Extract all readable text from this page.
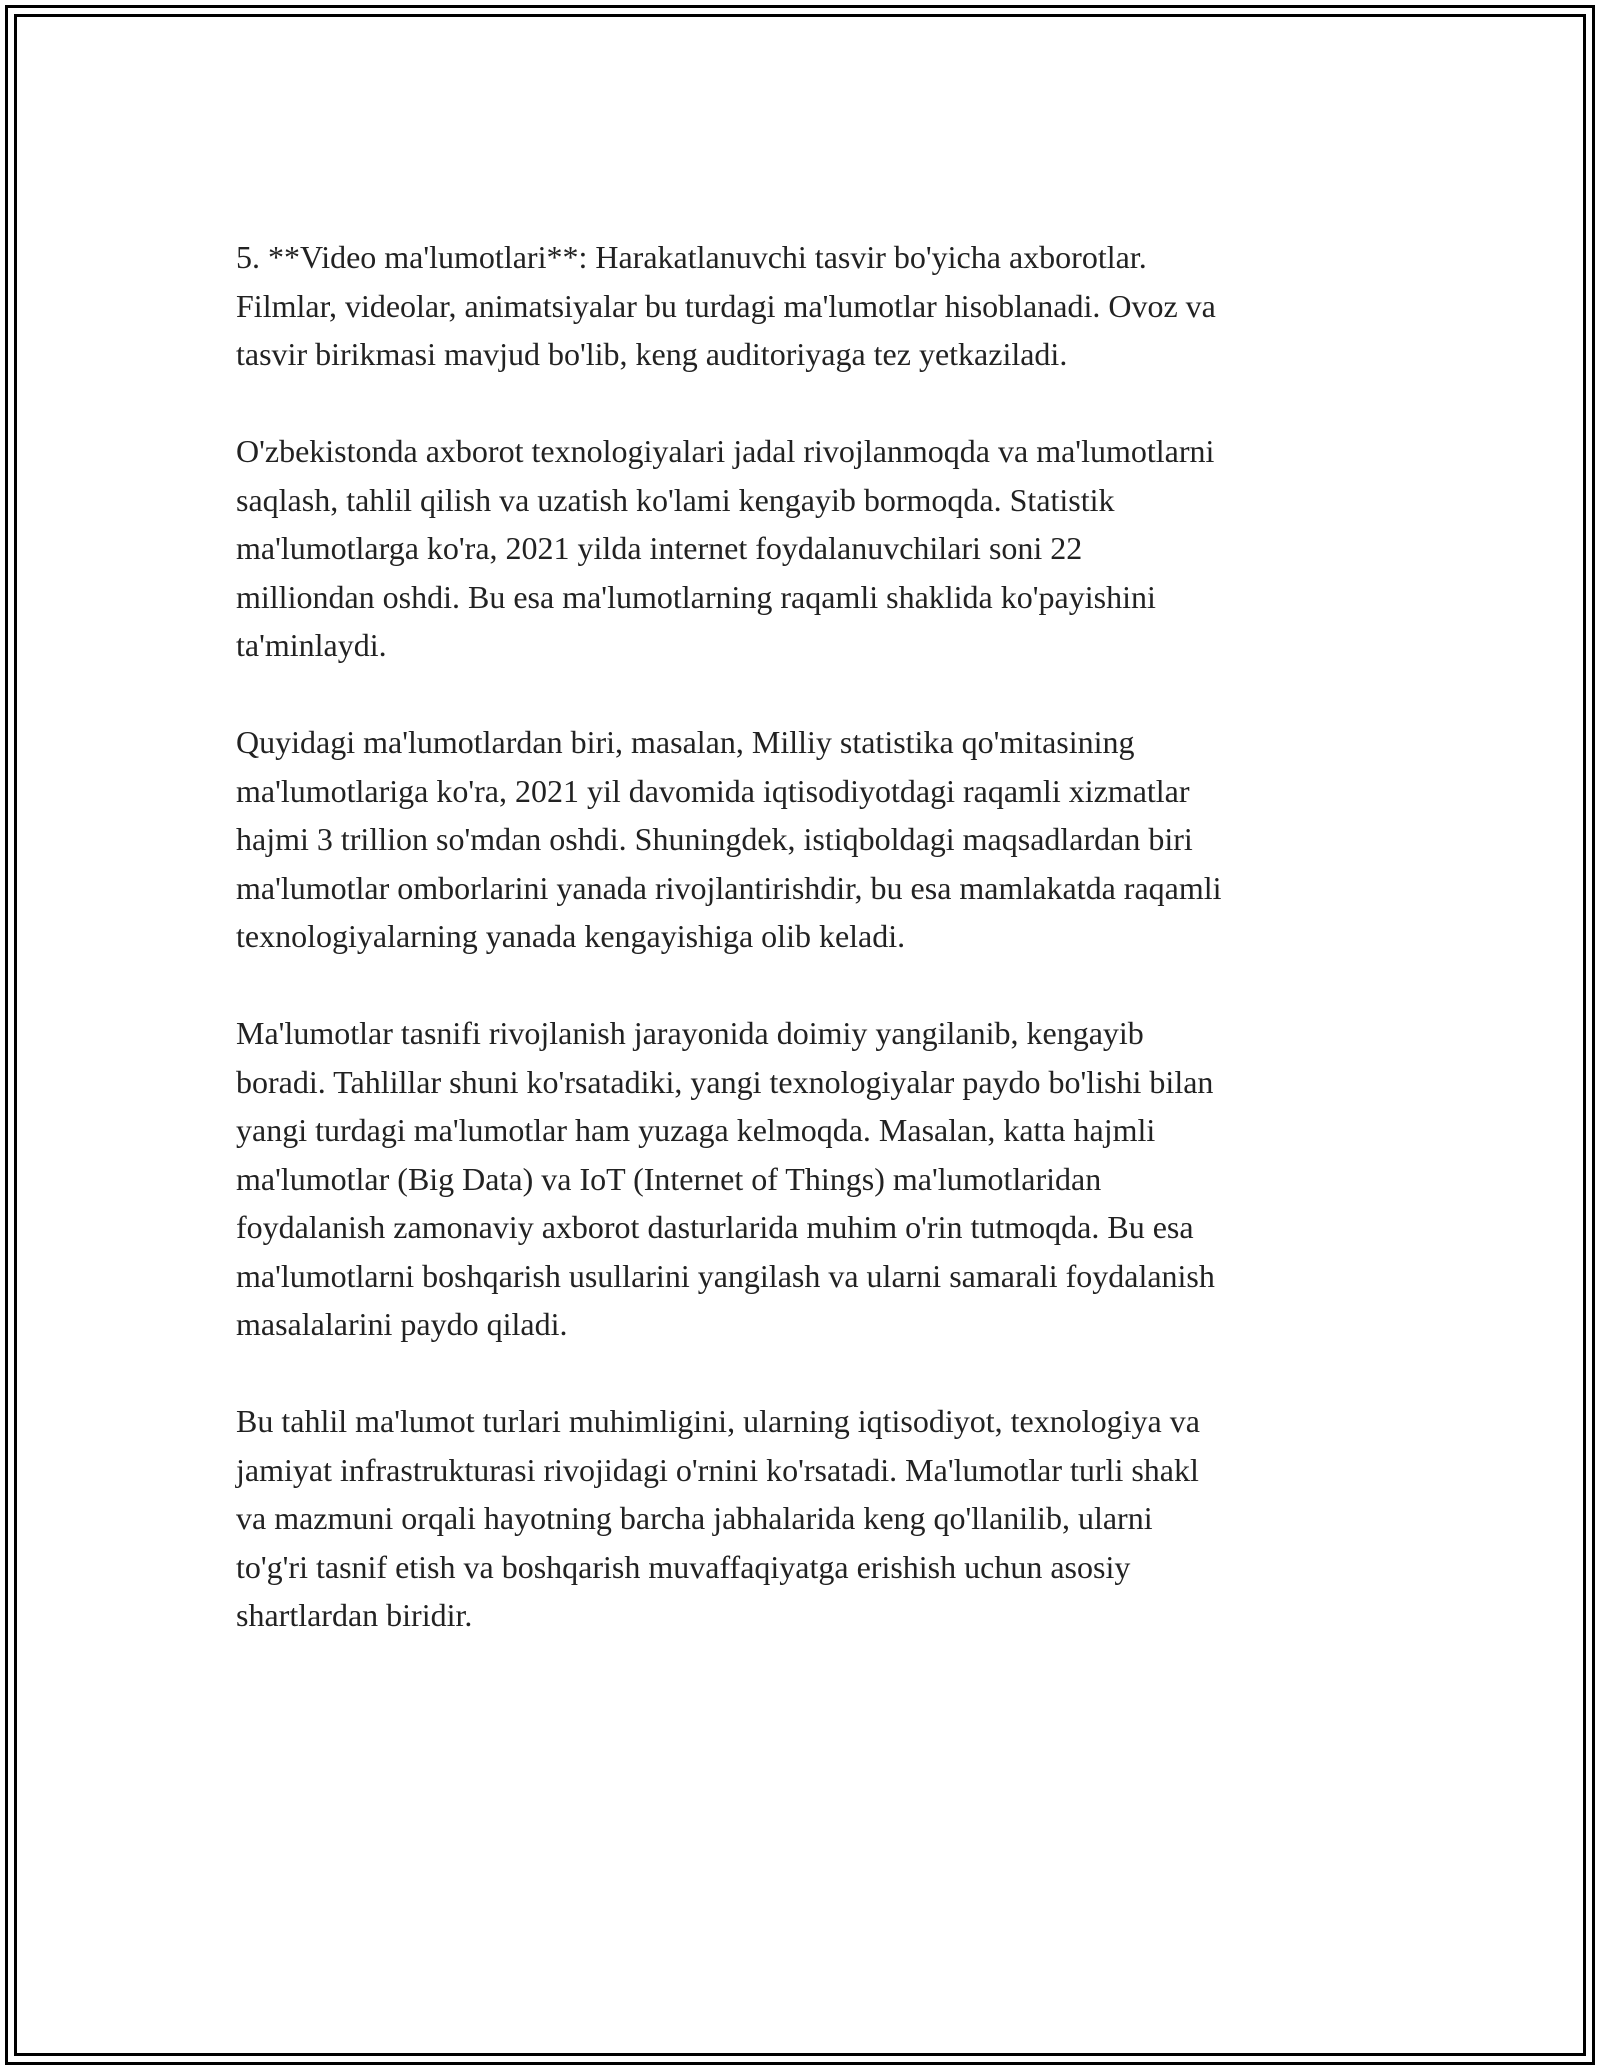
5. **Video ma'lumotlari**: Harakatlanuvchi tasvir bo'yicha axborotlar.
Filmlar, videolar, animatsiyalar bu turdagi ma'lumotlar hisoblanadi. Ovoz va
tasvir birikmasi mavjud bo'lib, keng auditoriyaga tez yetkaziladi.

O'zbekistonda axborot texnologiyalari jadal rivojlanmoqda va ma'lumotlarni
saqlash, tahlil qilish va uzatish ko'lami kengayib bormoqda. Statistik
ma'lumotlarga ko'ra, 2021 yilda internet foydalanuvchilari soni 22
milliondan oshdi. Bu esa ma'lumotlarning raqamli shaklida ko'payishini
ta'minlaydi.

Quyidagi ma'lumotlardan biri, masalan, Milliy statistika qo'mitasining
ma'lumotlariga ko'ra, 2021 yil davomida iqtisodiyotdagi raqamli xizmatlar
hajmi 3 trillion so'mdan oshdi. Shuningdek, istiqboldagi maqsadlardan biri
ma'lumotlar omborlarini yanada rivojlantirishdir, bu esa mamlakatda raqamli
texnologiyalarning yanada kengayishiga olib keladi.

Ma'lumotlar tasnifi rivojlanish jarayonida doimiy yangilanib, kengayib
boradi. Tahlillar shuni ko'rsatadiki, yangi texnologiyalar paydo bo'lishi bilan
yangi turdagi ma'lumotlar ham yuzaga kelmoqda. Masalan, katta hajmli
ma'lumotlar (Big Data) va IoT (Internet of Things) ma'lumotlaridan
foydalanish zamonaviy axborot dasturlarida muhim o'rin tutmoqda. Bu esa
ma'lumotlarni boshqarish usullarini yangilash va ularni samarali foydalanish
masalalarini paydo qiladi.

Bu tahlil ma'lumot turlari muhimligini, ularning iqtisodiyot, texnologiya va
jamiyat infrastrukturasi rivojidagi o'rnini ko'rsatadi. Ma'lumotlar turli shakl
va mazmuni orqali hayotning barcha jabhalarida keng qo'llanilib, ularni
to'g'ri tasnif etish va boshqarish muvaffaqiyatga erishish uchun asosiy
shartlardan biridir.
